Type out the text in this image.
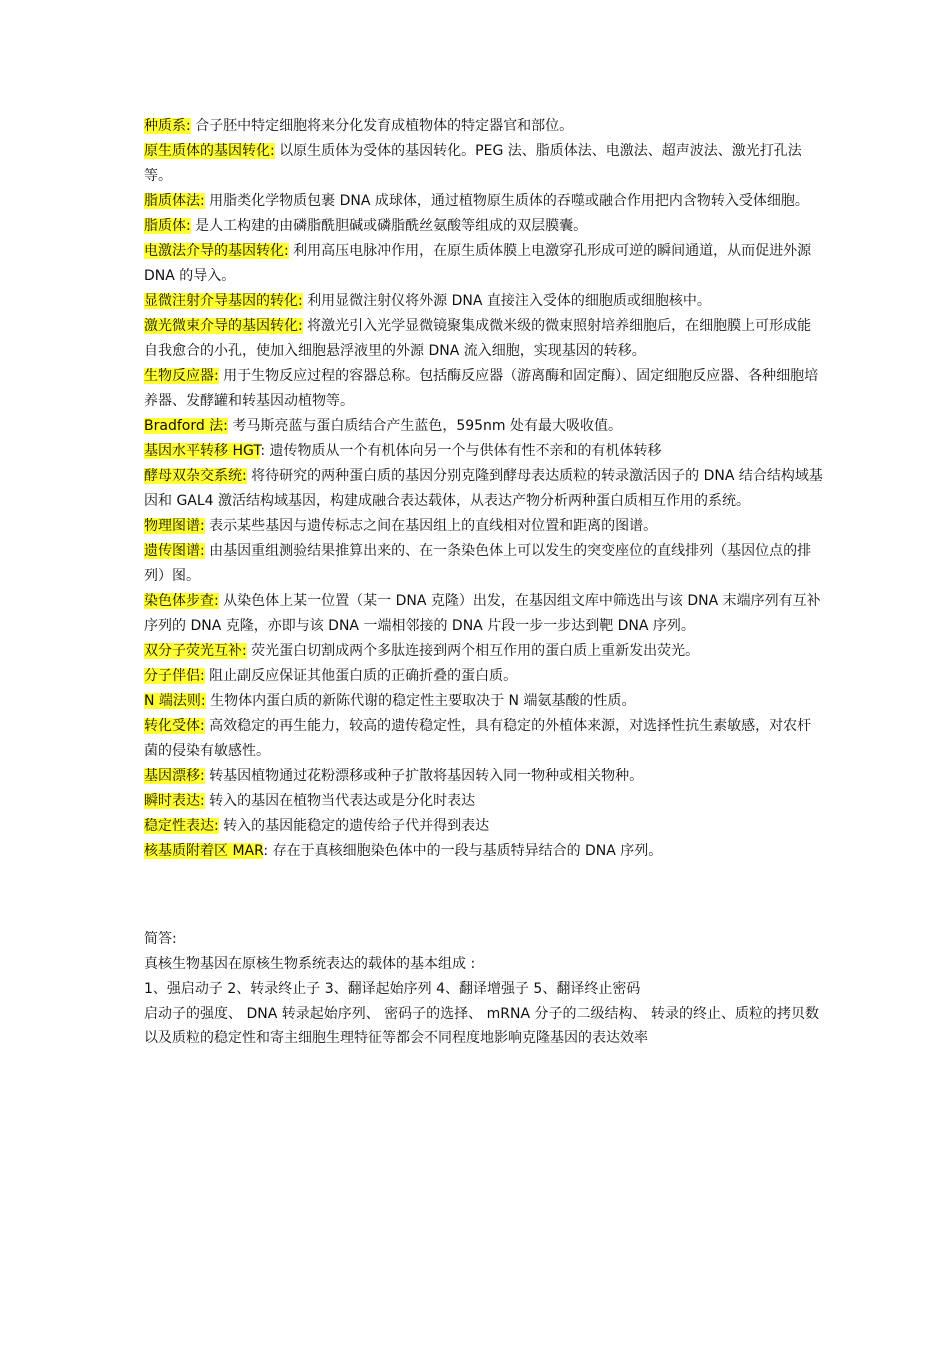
种质系: 合子胚中特定细胞将来分化发育成植物体的特定器官和部位。

原生质体的基因转化: 以原生质体为受体的基因转化。PEG 法、脂质体法、电激法、超声波法、激光打孔法等。

脂质体法: 用脂类化学物质包裹 DNA 成球体，通过植物原生质体的吞噬或融合作用把内含物转入受体细胞。

脂质体: 是人工构建的由磷脂酰胆碱或磷脂酰丝氨酸等组成的双层膜囊。

电激法介导的基因转化: 利用高压电脉冲作用，在原生质体膜上电激穿孔形成可逆的瞬间通道，从而促进外源 DNA 的导入。

显微注射介导基因的转化: 利用显微注射仪将外源 DNA 直接注入受体的细胞质或细胞核中。

激光微束介导的基因转化: 将激光引入光学显微镜聚集成微米级的微束照射培养细胞后，在细胞膜上可形成能自我愈合的小孔，使加入细胞悬浮液里的外源 DNA 流入细胞，实现基因的转移。

生物反应器: 用于生物反应过程的容器总称。包括酶反应器（游离酶和固定酶）、固定细胞反应器、各种细胞培养器、发酵罐和转基因动植物等。

Bradford 法: 考马斯亮蓝与蛋白质结合产生蓝色，595nm 处有最大吸收值。

基因水平转移 HGT: 遗传物质从一个有机体向另一个与供体有性不亲和的有机体转移

酵母双杂交系统: 将待研究的两种蛋白质的基因分别克隆到酵母表达质粒的转录激活因子的 DNA 结合结构域基因和 GAL4 激活结构域基因，构建成融合表达载体，从表达产物分析两种蛋白质相互作用的系统。

物理图谱: 表示某些基因与遗传标志之间在基因组上的直线相对位置和距离的图谱。

遗传图谱: 由基因重组测验结果推算出来的、在一条染色体上可以发生的突变座位的直线排列（基因位点的排列）图。

染色体步查: 从染色体上某一位置（某一 DNA 克隆）出发，在基因组文库中筛选出与该 DNA 末端序列有互补序列的 DNA 克隆，亦即与该 DNA 一端相邻接的 DNA 片段一步一步达到靶 DNA 序列。

双分子荧光互补: 荧光蛋白切割成两个多肽连接到两个相互作用的蛋白质上重新发出荧光。

分子伴侣: 阻止副反应保证其他蛋白质的正确折叠的蛋白质。

N 端法则: 生物体内蛋白质的新陈代谢的稳定性主要取决于 N 端氨基酸的性质。

转化受体: 高效稳定的再生能力，较高的遗传稳定性，具有稳定的外植体来源，对选择性抗生素敏感，对农杆菌的侵染有敏感性。

基因漂移: 转基因植物通过花粉漂移或种子扩散将基因转入同一物种或相关物种。

瞬时表达: 转入的基因在植物当代表达或是分化时表达

稳定性表达: 转入的基因能稳定的遗传给子代并得到表达

核基质附着区 MAR: 存在于真核细胞染色体中的一段与基质特异结合的 DNA 序列。

简答:

真核生物基因在原核生物系统表达的载体的基本组成 :

1、强启动子 2、转录终止子 3、翻译起始序列 4、翻译增强子 5、翻译终止密码

启动子的强度、 DNA 转录起始序列、 密码子的选择、 mRNA 分子的二级结构、 转录的终止、质粒的拷贝数以及质粒的稳定性和寄主细胞生理特征等都会不同程度地影响克隆基因的表达效率
